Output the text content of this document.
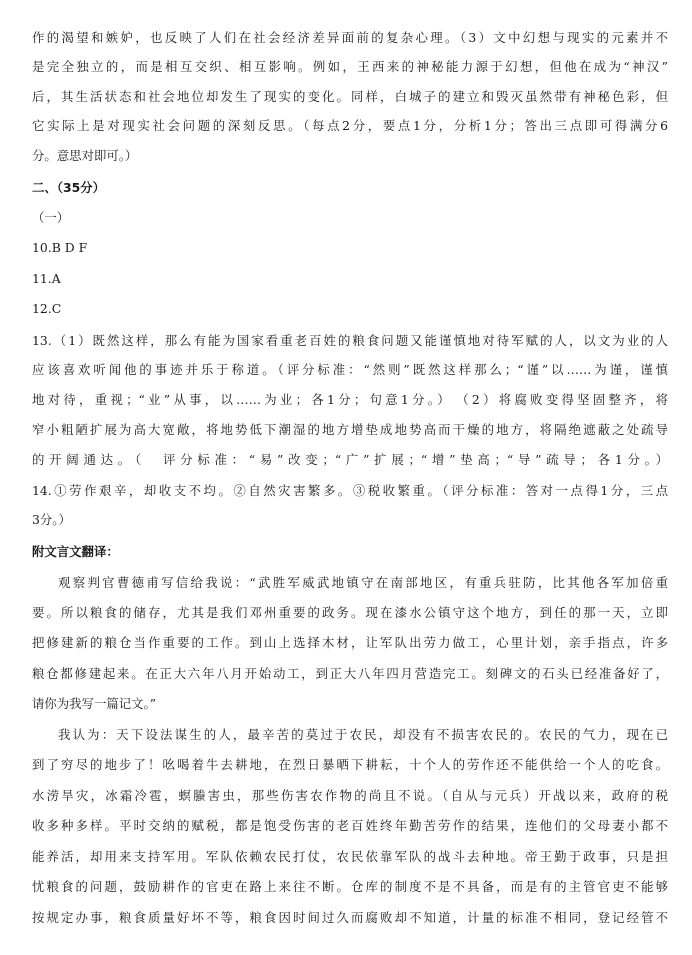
作的渴望和嫉妒，也反映了人们在社会经济差异面前的复杂心理。（3）文中幻想与现实的元素并不
是完全独立的，而是相互交织、相互影响。例如，王西来的神秘能力源于幻想，但他在成为“神汉”
后，其生活状态和社会地位却发生了现实的变化。同样，白城子的建立和毁灭虽然带有神秘色彩，但
它实际上是对现实社会问题的深刻反思。（每点2分，要点1分，分析1分；答出三点即可得满分6
分。意思对即可。）
二、（35分）
（一）
10.B D F
11.A
12.C
13.（1）既然这样，那么有能为国家看重老百姓的粮食问题又能谨慎地对待军赋的人，以文为业的人
应该喜欢听闻他的事迹并乐于称道。（评分标准：“然则”既然这样那么；“谨”以……为谨，谨慎
地对待，重视；“业”从事，以……为业；各1分；句意1分。）　（2）将腐败变得坚固整齐，将
窄小粗陋扩展为高大宽敞，将地势低下潮湿的地方增垫成地势高而干燥的地方，将隔绝遮蔽之处疏导
的开阔通达。（　评分标准：“易”改变；“广”扩展；“增”垫高；“导”疏导；各1分。）
14.①劳作艰辛，却收支不均。②自然灾害繁多。③税收繁重。（评分标准：答对一点得1分，三点
3分。）
附文言文翻译：
观察判官曹德甫写信给我说：“武胜军威武地镇守在南部地区，有重兵驻防，比其他各军加倍重
要。所以粮食的储存，尤其是我们邓州重要的政务。现在漆水公镇守这个地方，到任的那一天，立即
把修建新的粮仓当作重要的工作。到山上选择木材，让军队出劳力做工，心里计划，亲手指点，许多
粮仓都修建起来。在正大六年八月开始动工，到正大八年四月营造完工。刻碑文的石头已经准备好了，
请你为我写一篇记文。”
我认为：天下设法谋生的人，最辛苦的莫过于农民，却没有不损害农民的。农民的气力，现在已
到了穷尽的地步了！吆喝着牛去耕地，在烈日暴晒下耕耘，十个人的劳作还不能供给一个人的吃食。
水涝旱灾，冰霜冷雹，螟螣害虫，那些伤害农作物的尚且不说。（自从与元兵）开战以来，政府的税
收多种多样。平时交纳的赋税，都是饱受伤害的老百姓终年勤苦劳作的结果，连他们的父母妻小都不
能养活，却用来支持军用。军队依赖农民打仗，农民依靠军队的战斗去种地。帝王勤于政事，只是担
忧粮食的问题，鼓励耕作的官吏在路上来往不断。仓库的制度不是不具备，而是有的主管官吏不能够
按规定办事，粮食质量好坏不等，粮食因时间过久而腐败却不知道，计量的标准不相同，登记经管不
